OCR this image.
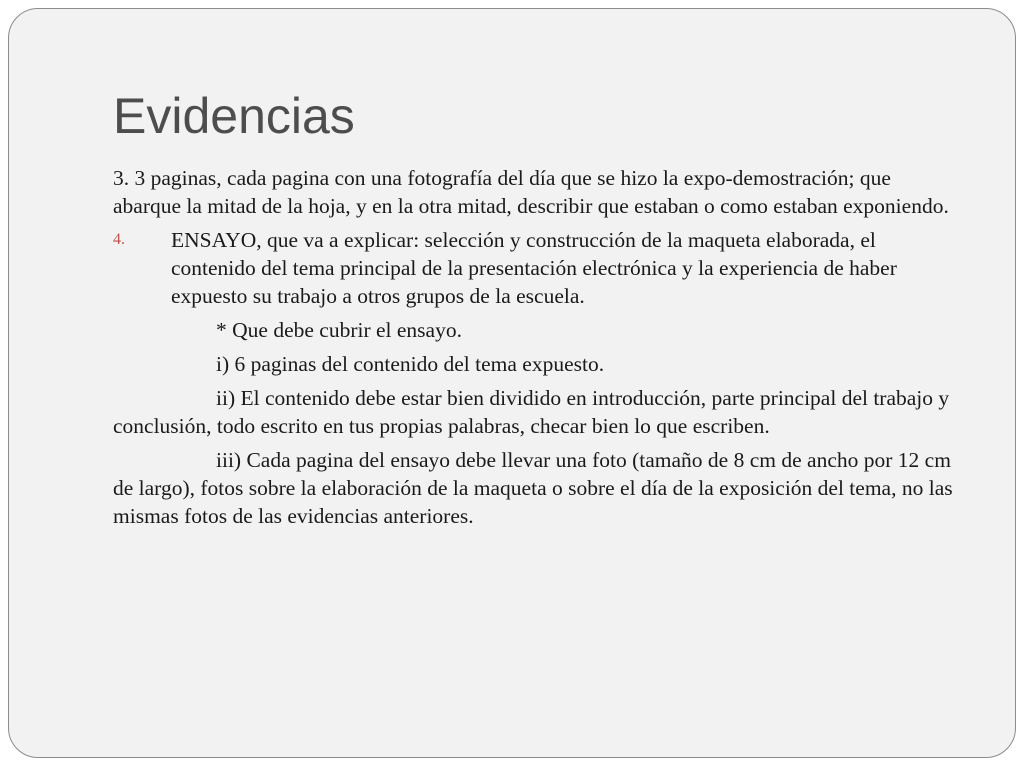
Evidencias

3. 3 paginas, cada pagina con una fotografía del día que se hizo la expo-demostración; que abarque la mitad de la hoja, y en la otra mitad, describir que estaban o como estaban exponiendo.

4. ENSAYO, que va a explicar: selección y construcción de la maqueta elaborada, el contenido del tema principal de la presentación electrónica y la experiencia de haber expuesto su trabajo a otros grupos de la escuela.

* Que debe cubrir el ensayo.

i) 6 paginas del contenido del tema expuesto.

ii) El contenido debe estar bien dividido en introducción, parte principal del trabajo y conclusión, todo escrito en tus propias palabras, checar bien lo que escriben.

iii) Cada pagina del ensayo debe llevar una foto (tamaño de 8 cm de ancho por 12 cm de largo), fotos sobre la elaboración de la maqueta o sobre el día de la exposición del tema, no las mismas fotos de las evidencias anteriores.
